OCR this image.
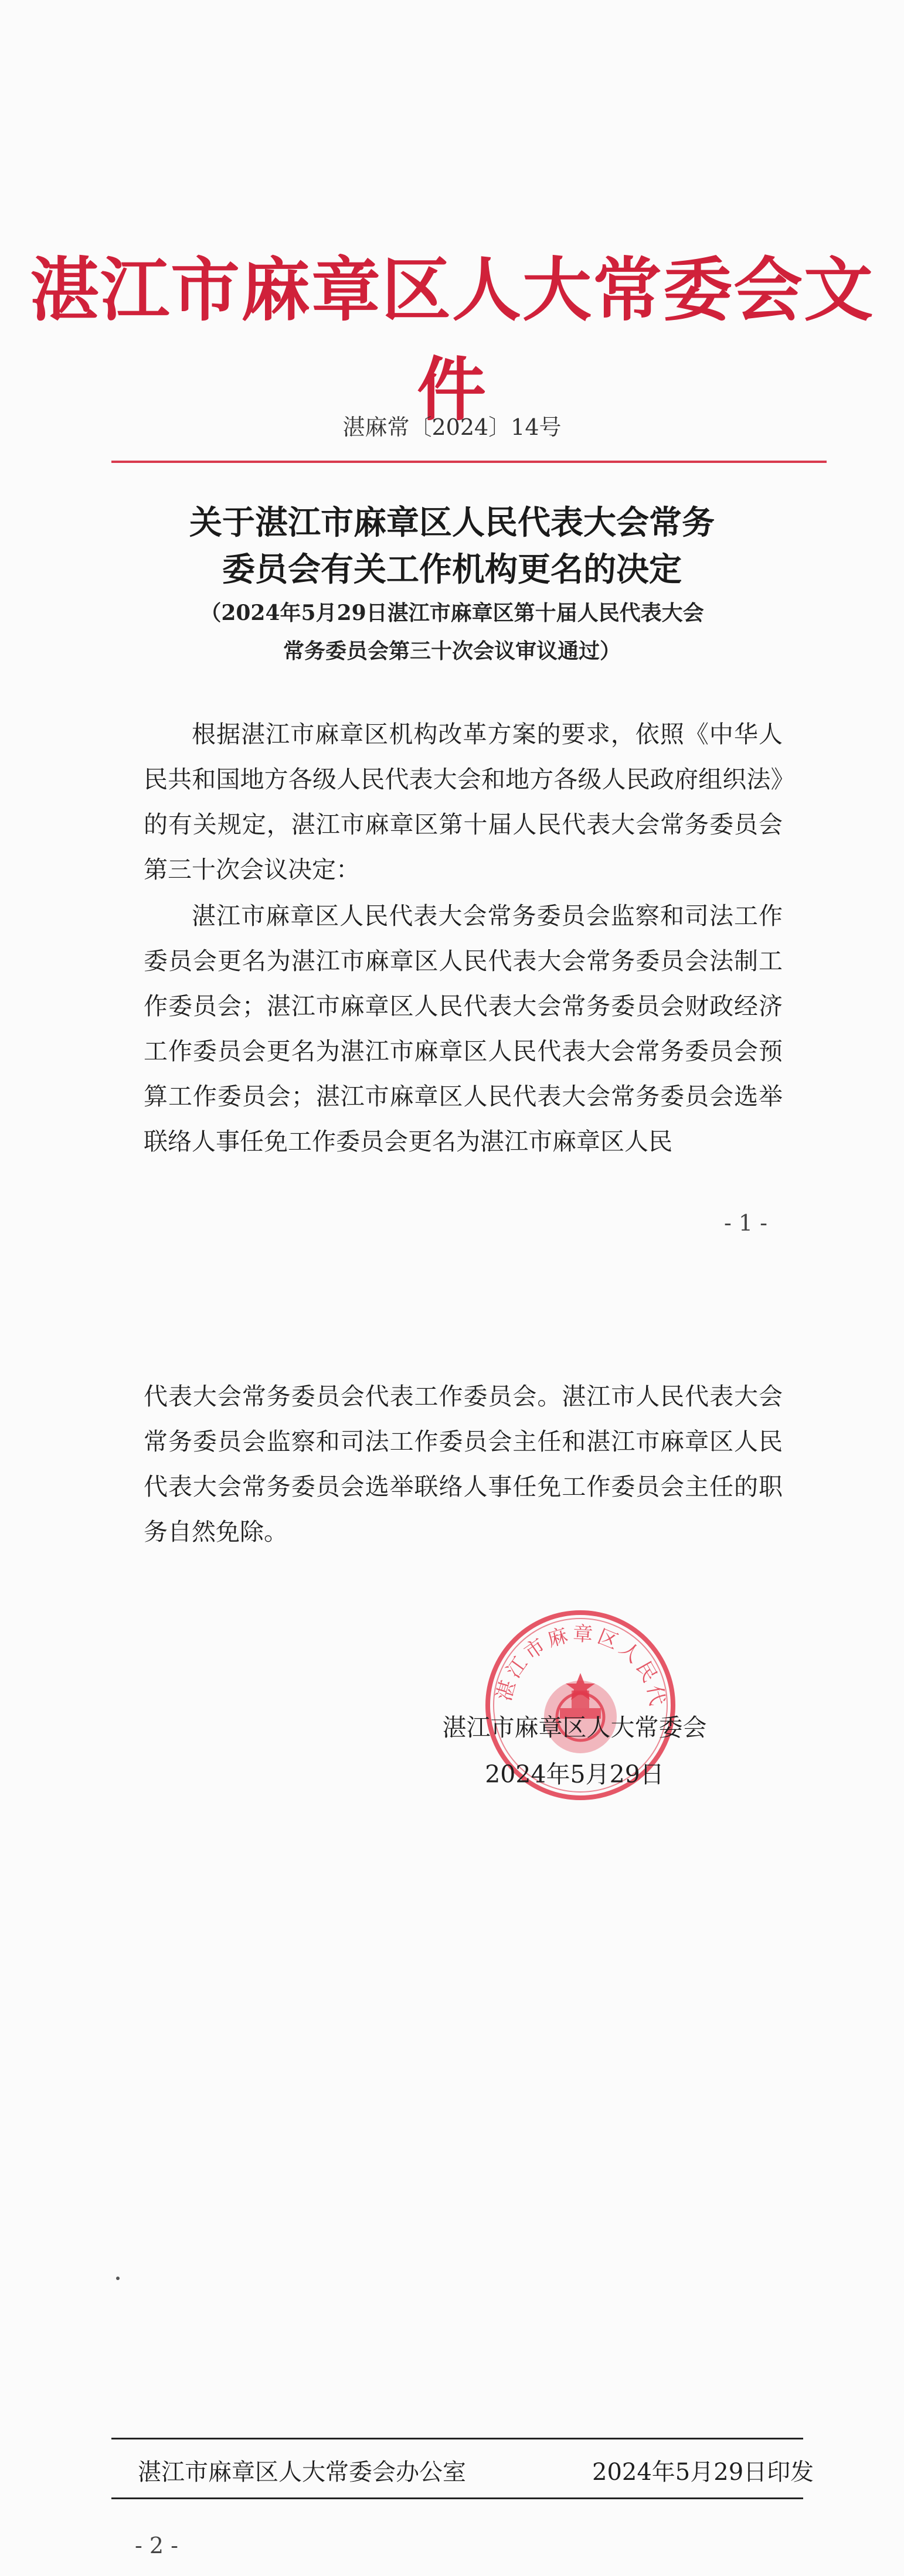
湛江市麻章区人大常委会文件
湛麻常〔2024〕14号
关于湛江市麻章区人民代表大会常务
委员会有关工作机构更名的决定
（2024年5月29日湛江市麻章区第十届人民代表大会
常务委员会第三十次会议审议通过）
根据湛江市麻章区机构改革方案的要求，依照《中华人民共和国地方各级人民代表大会和地方各级人民政府组织法》的有关规定，湛江市麻章区第十届人民代表大会常务委员会第三十次会议决定：
湛江市麻章区人民代表大会常务委员会监察和司法工作委员会更名为湛江市麻章区人民代表大会常务委员会法制工作委员会；湛江市麻章区人民代表大会常务委员会财政经济工作委员会更名为湛江市麻章区人民代表大会常务委员会预算工作委员会；湛江市麻章区人民代表大会常务委员会选举联络人事任免工作委员会更名为湛江市麻章区人民
- 1 -
代表大会常务委员会代表工作委员会。湛江市人民代表大会常务委员会监察和司法工作委员会主任和湛江市麻章区人民代表大会常务委员会选举联络人事任免工作委员会主任的职务自然免除。
湛江市麻章区人民代
湛江市麻章区人大常委会
2024年5月29日
湛江市麻章区人大常委会办公室	2024年5月29日印发
- 2 -
